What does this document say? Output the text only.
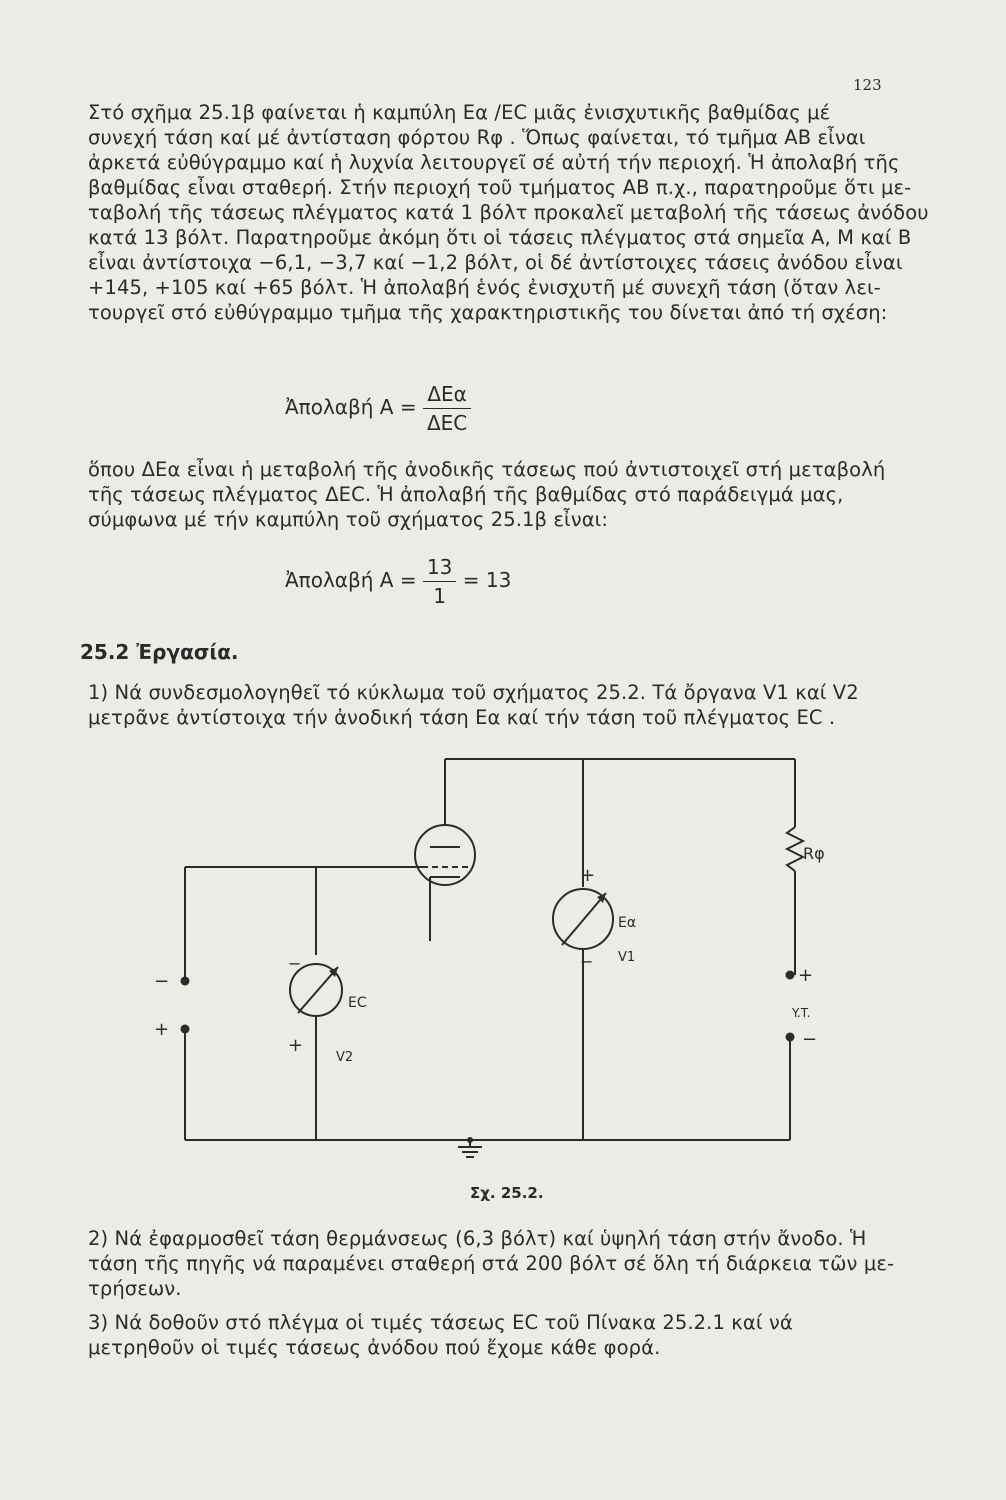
123
Στό σχῆμα 25.1β φαίνεται ἡ καμπύλη Eα /EC μιᾶς ἐνισχυτικῆς βαθμίδας μέ
συνεχή τάση καί μέ ἀντίσταση φόρτου Rφ . Ὅπως φαίνεται, τό τμῆμα AB εἶναι
ἀρκετά εὐθύγραμμο καί ἡ λυχνία λειτουργεῖ σέ αὐτή τήν περιοχή. Ἡ ἀπολαβή τῆς
βαθμίδας εἶναι σταθερή. Στήν περιοχή τοῦ τμήματος AB π.χ., παρατηροῦμε ὅτι με-
ταβολή τῆς τάσεως πλέγματος κατά 1 βόλτ προκαλεῖ μεταβολή τῆς τάσεως ἀνόδου
κατά 13 βόλτ. Παρατηροῦμε ἀκόμη ὅτι οἱ τάσεις πλέγματος στά σημεῖα A, M καί B
εἶναι ἀντίστοιχα −6,1, −3,7 καί −1,2 βόλτ, οἱ δέ ἀντίστοιχες τάσεις ἀνόδου εἶναι
+145, +105 καί +65 βόλτ. Ἡ ἀπολαβή ἑνός ἐνισχυτῆ μέ συνεχῆ τάση (ὅταν λει-
τουργεῖ στό εὐθύγραμμο τμῆμα τῆς χαρακτηριστικῆς του δίνεται ἀπό τή σχέση:
Ἀπολαβή $A = \frac{\text{ΔEα}}{\text{ΔEC}}$
ὅπου ΔEα εἶναι ἡ μεταβολή τῆς ἀνοδικῆς τάσεως πού ἀντιστοιχεῖ στή μεταβολή
τῆς τάσεως πλέγματος ΔEC. Ἡ ἀπολαβή τῆς βαθμίδας στό παράδειγμά μας,
σύμφωνα μέ τήν καμπύλη τοῦ σχήματος 25.1β εἶναι:
Ἀπολαβή $A = \frac{13}{1} = 13$
25.2 Ἐργασία.
1) Νά συνδεσμολογηθεῖ τό κύκλωμα τοῦ σχήματος 25.2. Τά ὄργανα V1 καί V2
μετρᾶνε ἀντίστοιχα τήν ἀνοδική τάση Eα καί τήν τάση τοῦ πλέγματος EC .
Rφ
Eα
V1
+
−
EC
V2
−
+
−
+
+
−
Y.T.
Σχ. 25.2.
2) Νά ἐφαρμοσθεῖ τάση θερμάνσεως (6,3 βόλτ) καί ὑψηλή τάση στήν ἄνοδο. Ἡ
τάση τῆς πηγῆς νά παραμένει σταθερή στά 200 βόλτ σέ ὅλη τή διάρκεια τῶν με-
τρήσεων.
3) Νά δοθοῦν στό πλέγμα οἱ τιμές τάσεως EC τοῦ Πίνακα 25.2.1 καί νά
μετρηθοῦν οἱ τιμές τάσεως ἀνόδου πού ἔχομε κάθε φορά.
